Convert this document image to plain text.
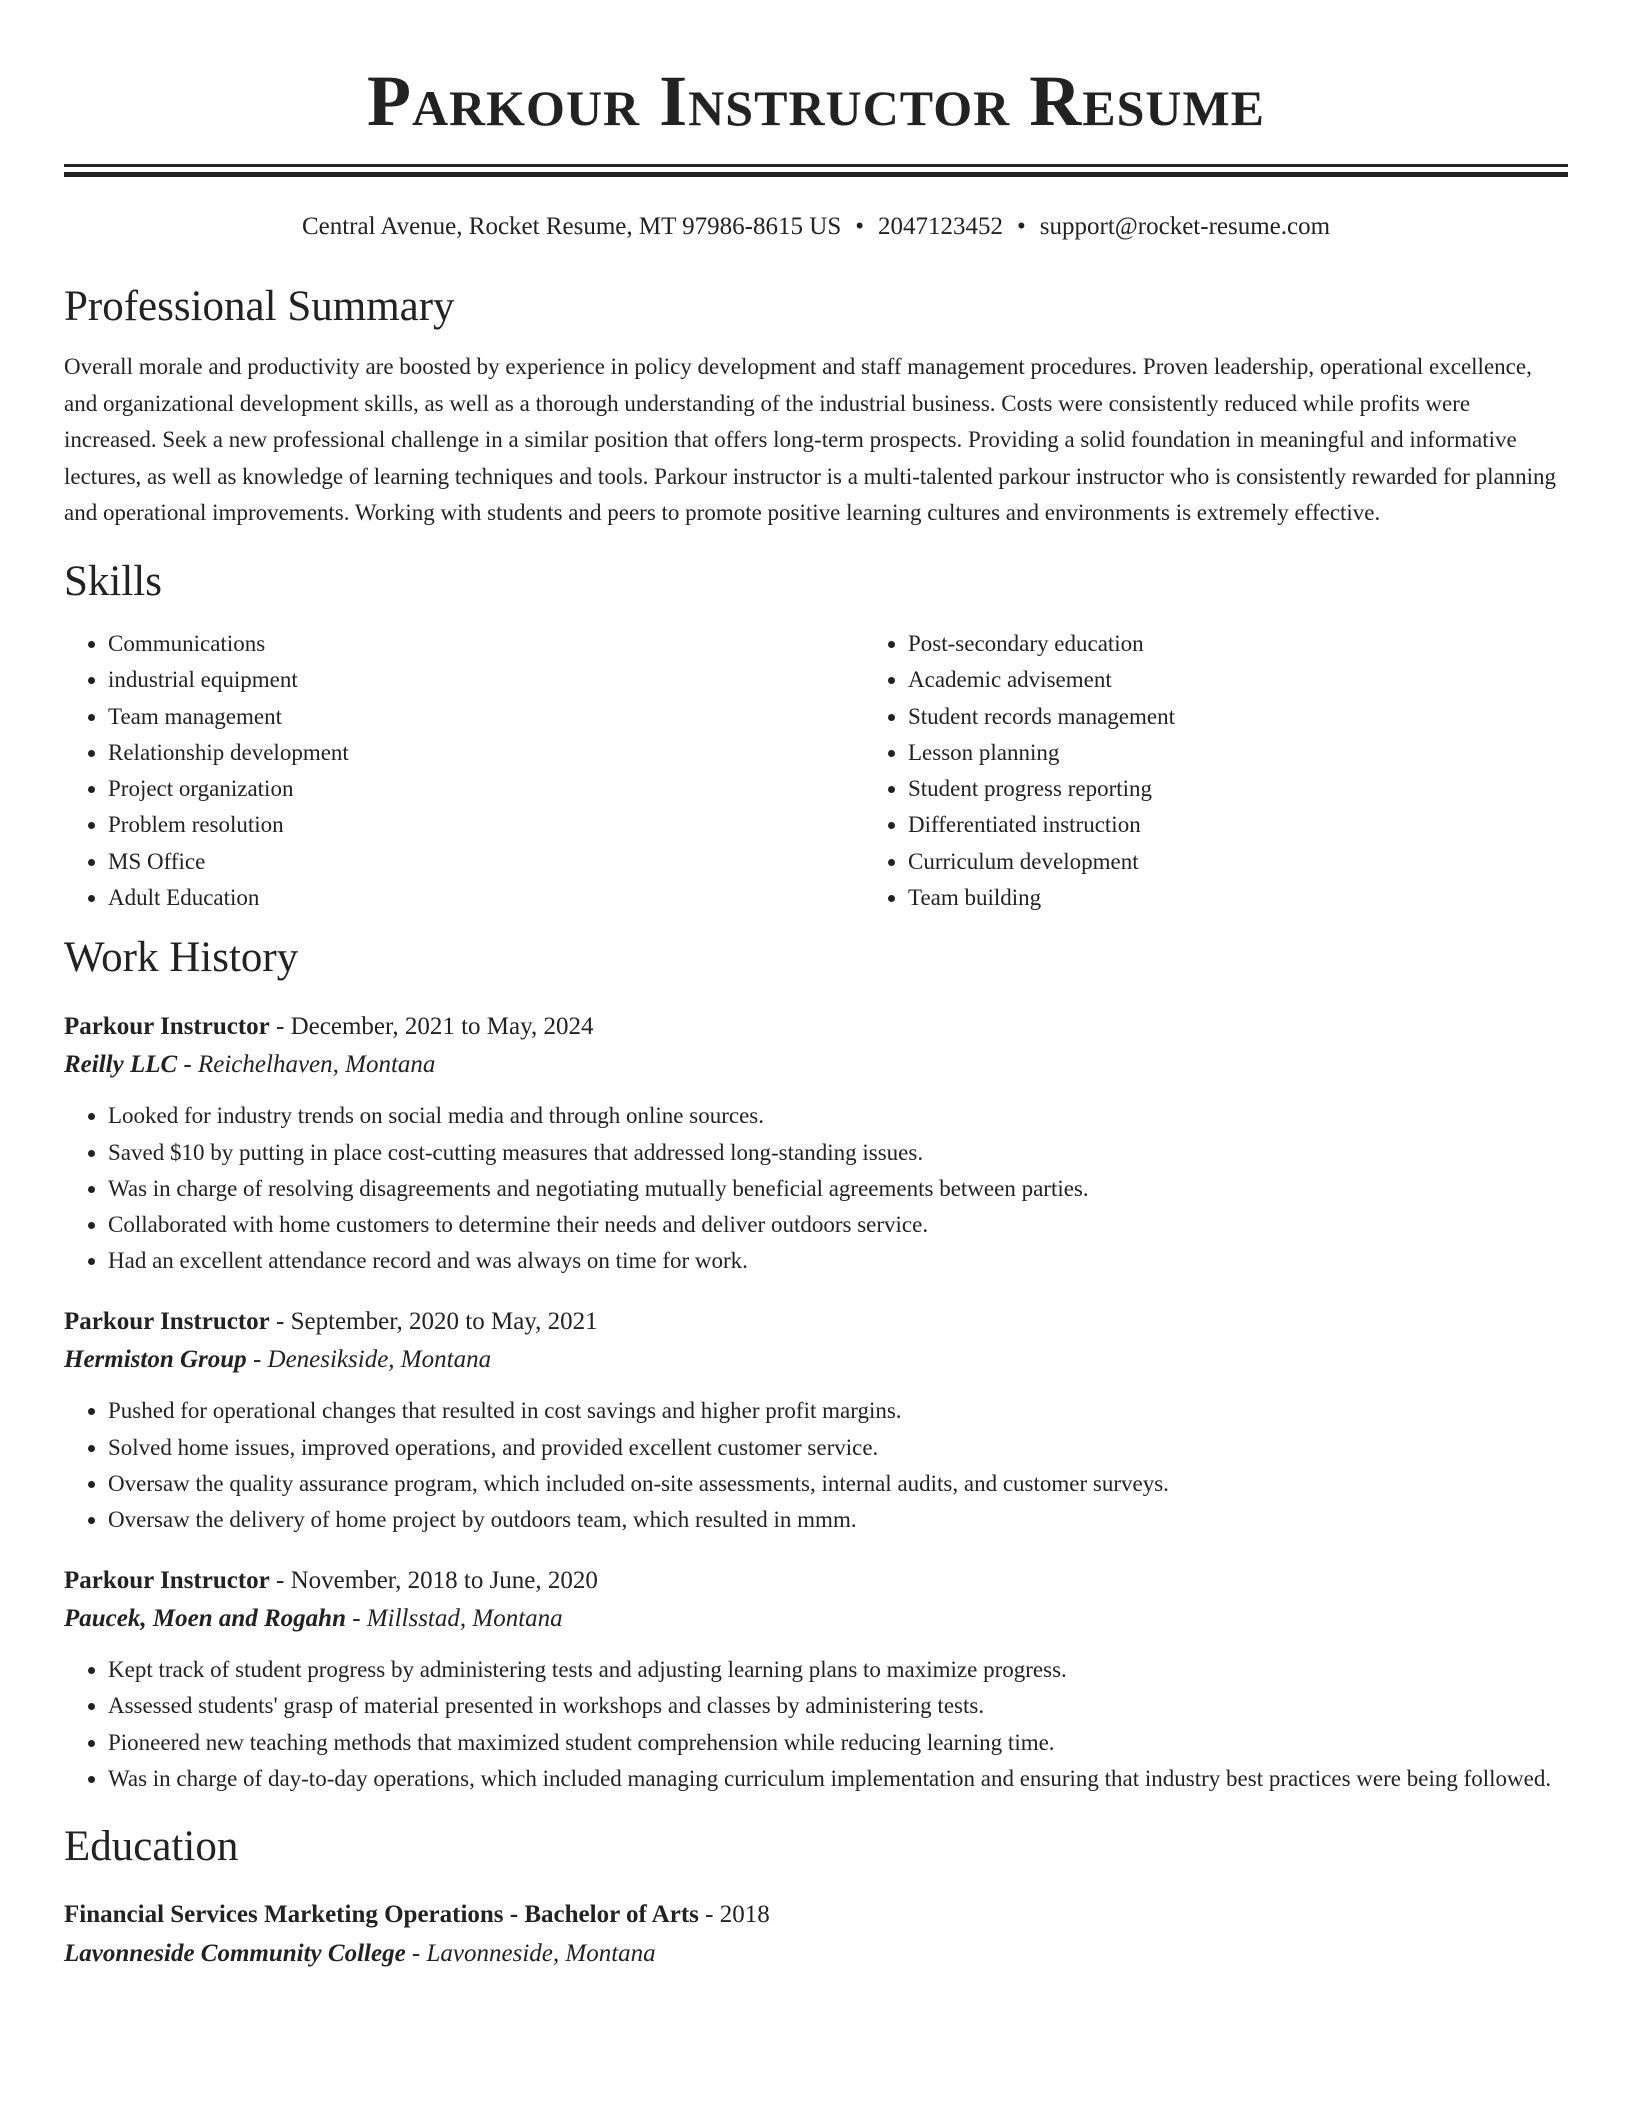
Parkour Instructor Resume
Central Avenue, Rocket Resume, MT 97986-8615 US • 2047123452 • support@rocket-resume.com
Professional Summary

Overall morale and productivity are boosted by experience in policy development and staff management procedures. Proven leadership, operational excellence, and organizational development skills, as well as a thorough understanding of the industrial business. Costs were consistently reduced while profits were increased. Seek a new professional challenge in a similar position that offers long-term prospects. Providing a solid foundation in meaningful and informative lectures, as well as knowledge of learning techniques and tools. Parkour instructor is a multi-talented parkour instructor who is consistently rewarded for planning and operational improvements. Working with students and peers to promote positive learning cultures and environments is extremely effective.

Skills
• Communications
• industrial equipment
• Team management
• Relationship development
• Project organization
• Problem resolution
• MS Office
• Adult Education
• Post-secondary education
• Academic advisement
• Student records management
• Lesson planning
• Student progress reporting
• Differentiated instruction
• Curriculum development
• Team building
Work History
Parkour Instructor - December, 2021 to May, 2024
Reilly LLC - Reichelhaven, Montana
• Looked for industry trends on social media and through online sources.
• Saved $10 by putting in place cost-cutting measures that addressed long-standing issues.
• Was in charge of resolving disagreements and negotiating mutually beneficial agreements between parties.
• Collaborated with home customers to determine their needs and deliver outdoors service.
• Had an excellent attendance record and was always on time for work.
Parkour Instructor - September, 2020 to May, 2021
Hermiston Group - Denesikside, Montana
• Pushed for operational changes that resulted in cost savings and higher profit margins.
• Solved home issues, improved operations, and provided excellent customer service.
• Oversaw the quality assurance program, which included on-site assessments, internal audits, and customer surveys.
• Oversaw the delivery of home project by outdoors team, which resulted in mmm.
Parkour Instructor - November, 2018 to June, 2020
Paucek, Moen and Rogahn - Millsstad, Montana
• Kept track of student progress by administering tests and adjusting learning plans to maximize progress.
• Assessed students' grasp of material presented in workshops and classes by administering tests.
• Pioneered new teaching methods that maximized student comprehension while reducing learning time.
• Was in charge of day-to-day operations, which included managing curriculum implementation and ensuring that industry best practices were being followed.
Education
Financial Services Marketing Operations - Bachelor of Arts - 2018
Lavonneside Community College - Lavonneside, Montana
